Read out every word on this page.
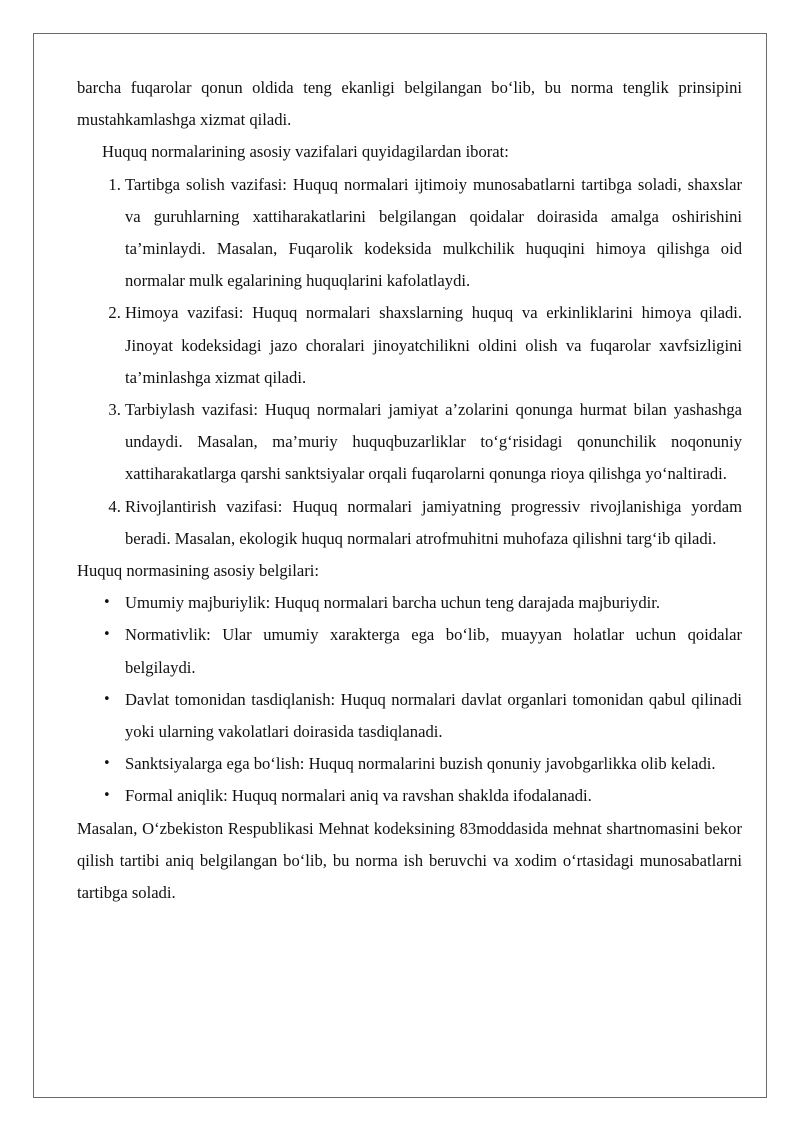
barcha fuqarolar qonun oldida teng ekanligi belgilangan bo‘lib, bu norma tenglik prinsipini mustahkamlashga xizmat qiladi.

Huquq normalarining asosiy vazifalari quyidagilardan iborat:

1. Tartibga solish vazifasi: Huquq normalari ijtimoiy munosabatlarni tartibga soladi, shaxslar va guruhlarning xattiharakatlarini belgilangan qoidalar doirasida amalga oshirishini ta’minlaydi. Masalan, Fuqarolik kodeksida mulkchilik huquqini himoya qilishga oid normalar mulk egalarining huquqlarini kafolatlaydi.
2. Himoya vazifasi: Huquq normalari shaxslarning huquq va erkinliklarini himoya qiladi. Jinoyat kodeksidagi jazo choralari jinoyatchilikni oldini olish va fuqarolar xavfsizligini ta’minlashga xizmat qiladi.
3. Tarbiylash vazifasi: Huquq normalari jamiyat a’zolarini qonunga hurmat bilan yashashga undaydi. Masalan, ma’muriy huquqbuzarliklar to‘g‘risidagi qonunchilik noqonuniy xattiharakatlarga qarshi sanktsiyalar orqali fuqarolarni qonunga rioya qilishga yo‘naltiradi.
4. Rivojlantirish vazifasi: Huquq normalari jamiyatning progressiv rivojlanishiga yordam beradi. Masalan, ekologik huquq normalari atrofmuhitni muhofaza qilishni targ‘ib qiladi.

Huquq normasining asosiy belgilari:

• Umumiy majburiylik: Huquq normalari barcha uchun teng darajada majburiydir.
• Normativlik: Ular umumiy xarakterga ega bo‘lib, muayyan holatlar uchun qoidalar belgilaydi.
• Davlat tomonidan tasdiqlanish: Huquq normalari davlat organlari tomonidan qabul qilinadi yoki ularning vakolatlari doirasida tasdiqlanadi.
• Sanktsiyalarga ega bo‘lish: Huquq normalarini buzish qonuniy javobgarlikka olib keladi.
• Formal aniqlik: Huquq normalari aniq va ravshan shaklda ifodalanadi.

Masalan, O‘zbekiston Respublikasi Mehnat kodeksining 83moddasida mehnat shartnomasini bekor qilish tartibi aniq belgilangan bo‘lib, bu norma ish beruvchi va xodim o‘rtasidagi munosabatlarni tartibga soladi.
